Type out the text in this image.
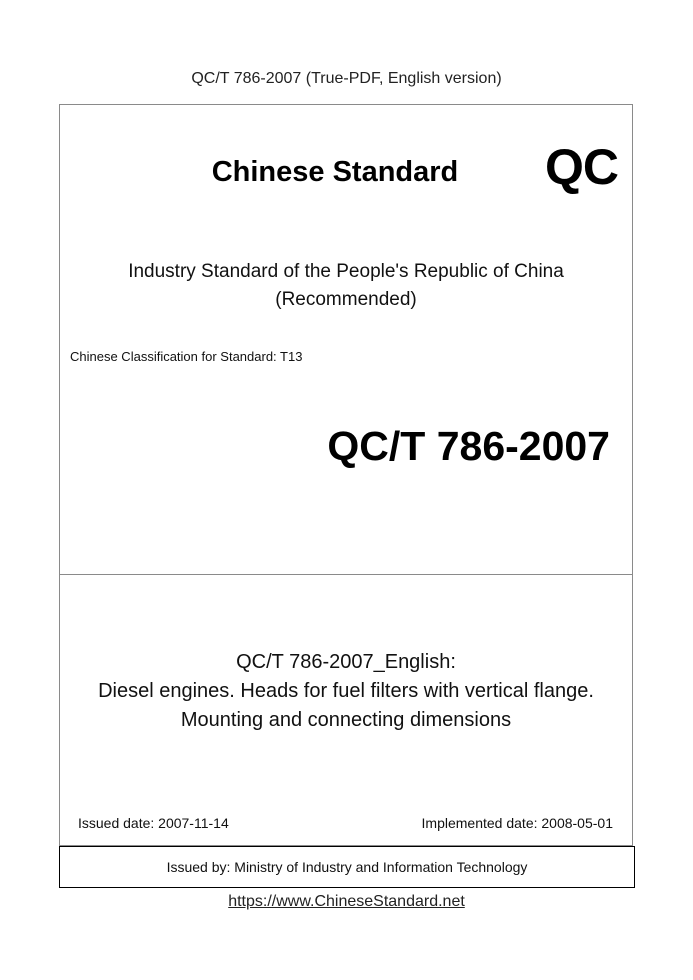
QC/T 786-2007 (True-PDF, English version)
Chinese Standard	QC
Industry Standard of the People's Republic of China
(Recommended)
Chinese Classification for Standard: T13
QC/T 786-2007
QC/T 786-2007_English:
Diesel engines. Heads for fuel filters with vertical flange.
Mounting and connecting dimensions
Issued date: 2007-11-14	Implemented date: 2008-05-01
Issued by: Ministry of Industry and Information Technology
https://www.ChineseStandard.net
